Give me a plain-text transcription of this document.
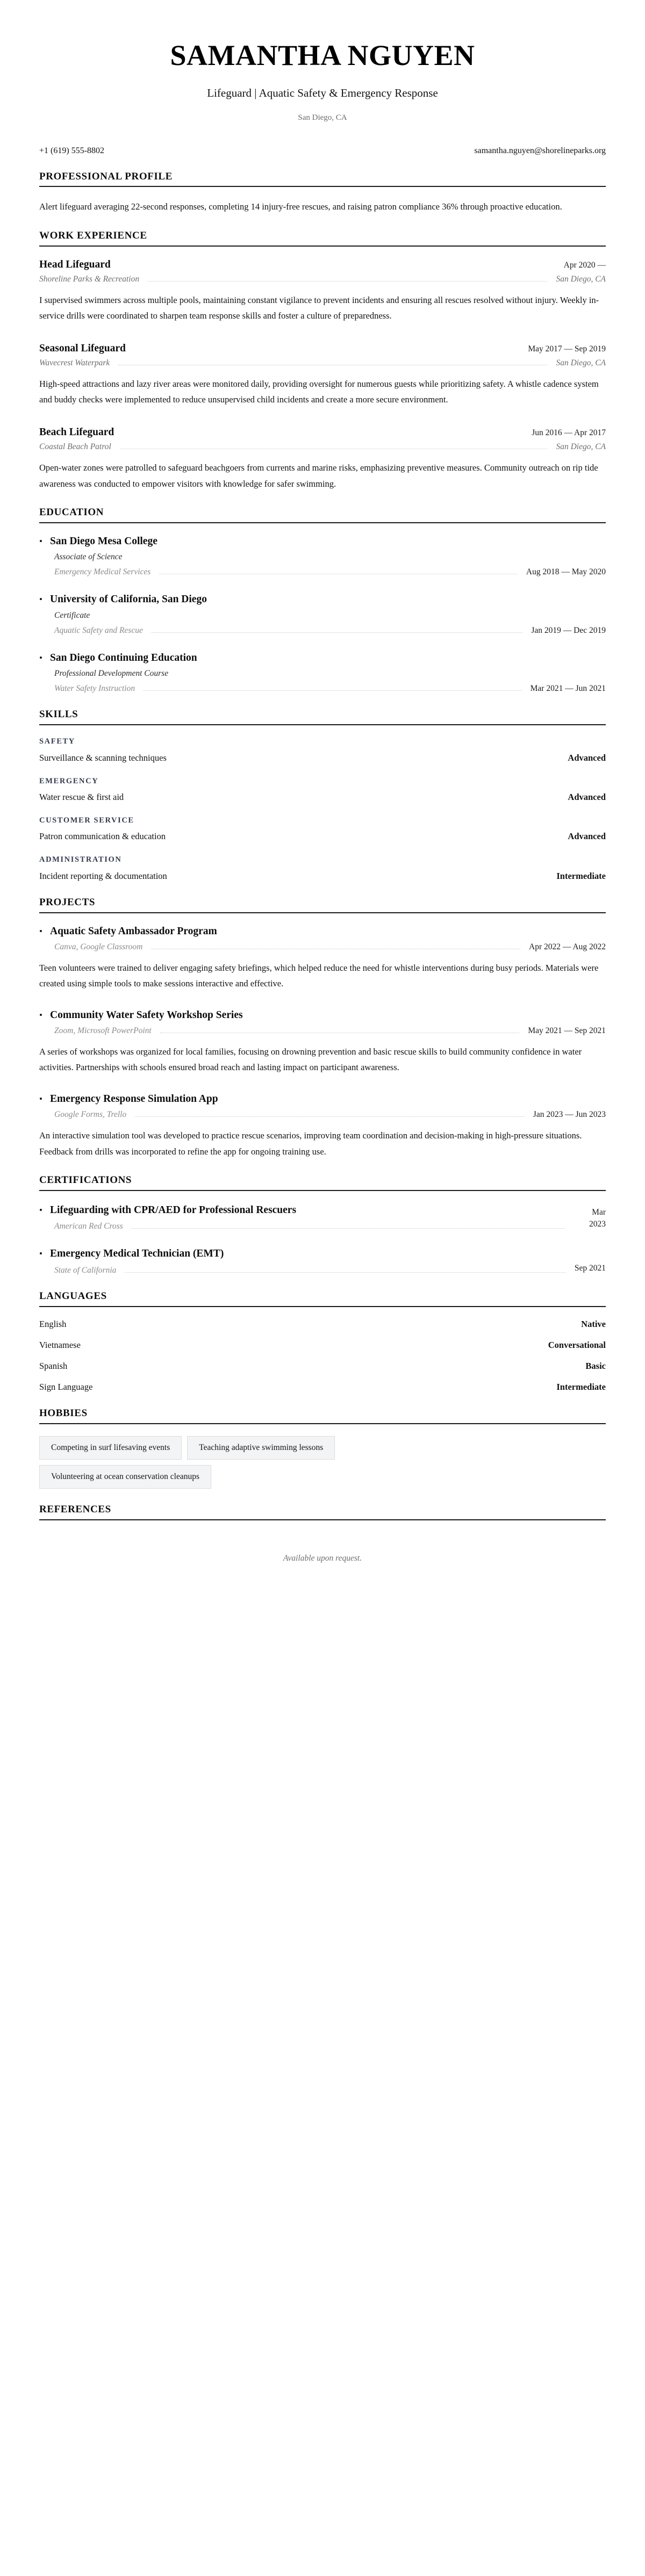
SAMANTHA NGUYEN
Lifeguard | Aquatic Safety & Emergency Response
San Diego, CA
+1 (619) 555-8802	samantha.nguyen@shorelineparks.org
PROFESSIONAL PROFILE

Alert lifeguard averaging 22-second responses, completing 14 injury-free rescues, and raising patron compliance 36% through proactive education.

WORK EXPERIENCE
Head Lifeguard	Apr 2020 —
Shoreline Parks & Recreation	San Diego, CA

I supervised swimmers across multiple pools, maintaining constant vigilance to prevent incidents and ensuring all rescues resolved without injury. Weekly in-service drills were coordinated to sharpen team response skills and foster a culture of preparedness.

Seasonal Lifeguard	May 2017 — Sep 2019
Wavecrest Waterpark	San Diego, CA

High-speed attractions and lazy river areas were monitored daily, providing oversight for numerous guests while prioritizing safety. A whistle cadence system and buddy checks were implemented to reduce unsupervised child incidents and create a more secure environment.

Beach Lifeguard	Jun 2016 — Apr 2017
Coastal Beach Patrol	San Diego, CA

Open-water zones were patrolled to safeguard beachgoers from currents and marine risks, emphasizing preventive measures. Community outreach on rip tide awareness was conducted to empower visitors with knowledge for safer swimming.

EDUCATION
• San Diego Mesa College
Associate of Science
Emergency Medical Services	Aug 2018 — May 2020
• University of California, San Diego
Certificate
Aquatic Safety and Rescue	Jan 2019 — Dec 2019
• San Diego Continuing Education
Professional Development Course
Water Safety Instruction	Mar 2021 — Jun 2021
SKILLS
SAFETY
Surveillance & scanning techniques	Advanced
EMERGENCY
Water rescue & first aid	Advanced
CUSTOMER SERVICE
Patron communication & education	Advanced
ADMINISTRATION
Incident reporting & documentation	Intermediate
PROJECTS
• Aquatic Safety Ambassador Program
Canva, Google Classroom	Apr 2022 — Aug 2022

Teen volunteers were trained to deliver engaging safety briefings, which helped reduce the need for whistle interventions during busy periods. Materials were created using simple tools to make sessions interactive and effective.

• Community Water Safety Workshop Series
Zoom, Microsoft PowerPoint	May 2021 — Sep 2021

A series of workshops was organized for local families, focusing on drowning prevention and basic rescue skills to build community confidence in water activities. Partnerships with schools ensured broad reach and lasting impact on participant awareness.

• Emergency Response Simulation App
Google Forms, Trello	Jan 2023 — Jun 2023

An interactive simulation tool was developed to practice rescue scenarios, improving team coordination and decision-making in high-pressure situations. Feedback from drills was incorporated to refine the app for ongoing training use.

CERTIFICATIONS
• Lifeguarding with CPR/AED for Professional Rescuers
American Red Cross
Mar 2023
• Emergency Medical Technician (EMT)
State of California	Sep 2021
LANGUAGES
English	Native
Vietnamese	Conversational
Spanish	Basic
Sign Language	Intermediate
HOBBIES
Competing in surf lifesaving events	Teaching adaptive swimming lessons
Volunteering at ocean conservation cleanups
REFERENCES
Available upon request.
